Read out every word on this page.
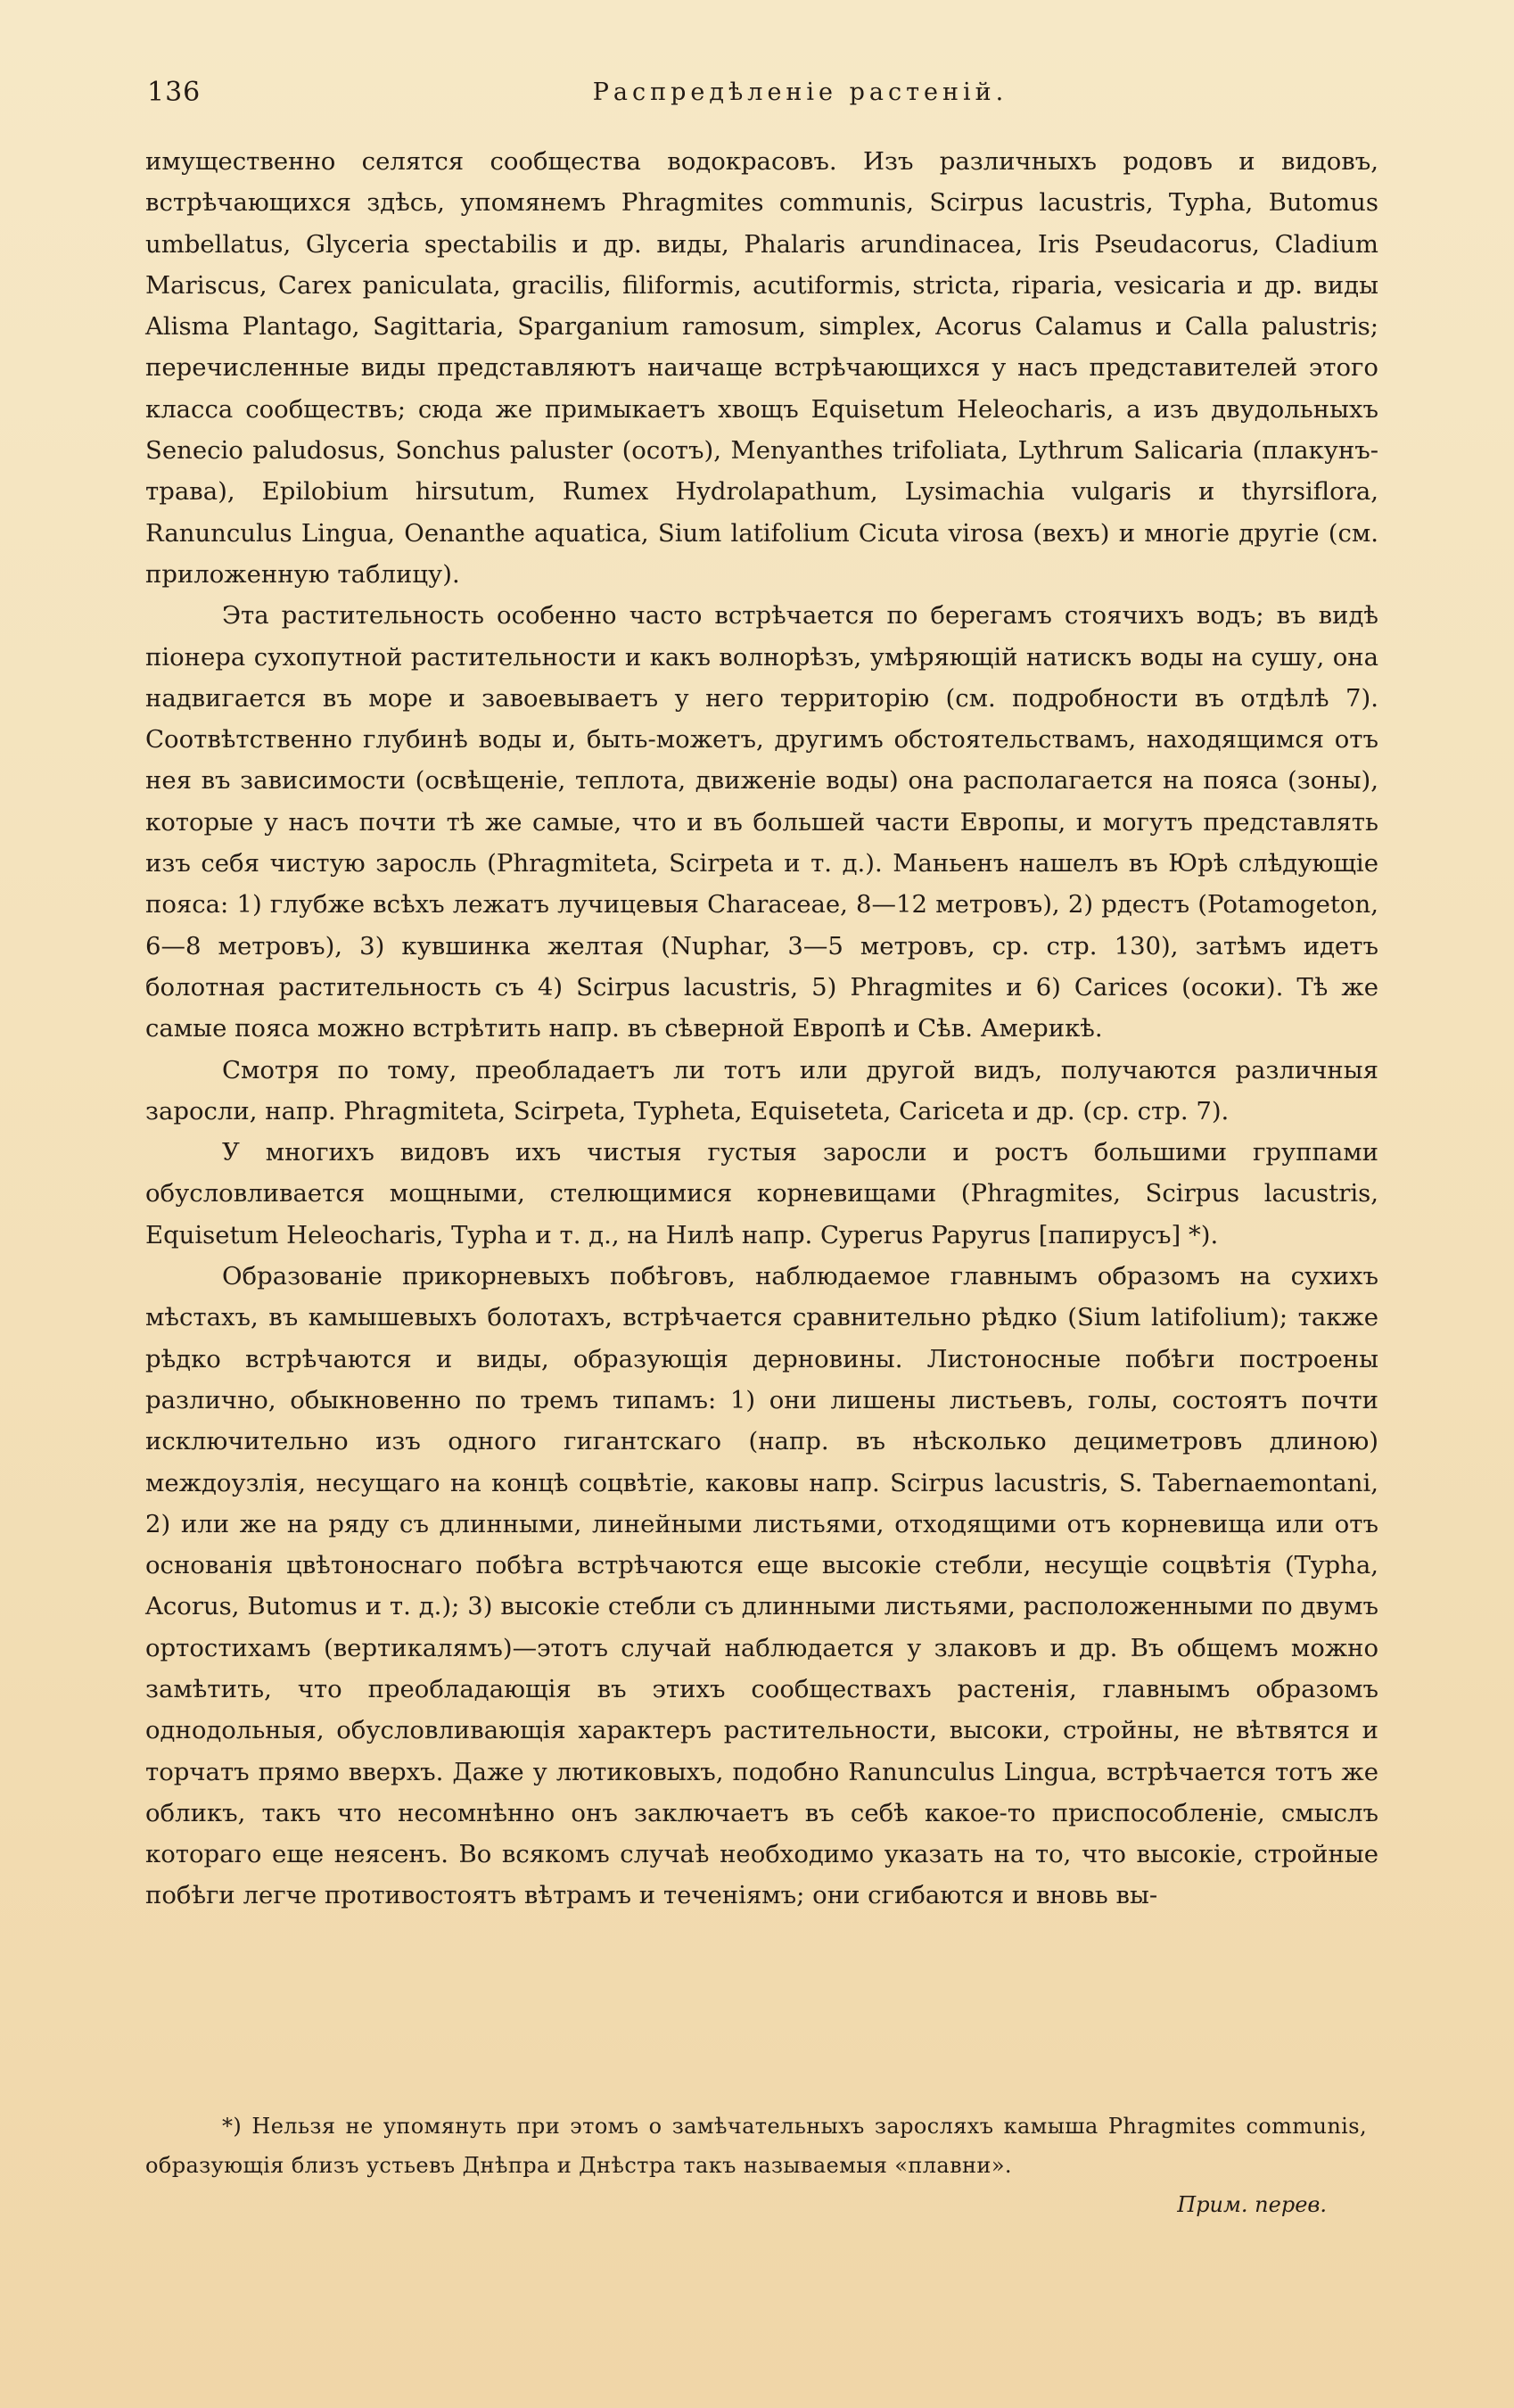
136	Распредѣленіе растеній.

имущественно селятся сообщества водокрасовъ. Изъ различныхъ родовъ и видовъ, встрѣчающихся здѣсь, упомянемъ Phragmites communis, Scirpus lacustris, Typha, Butomus umbellatus, Glyceria spectabilis и др. виды, Phalaris arundinacea, Iris Pseudacorus, Cladium Mariscus, Carex paniculata, gracilis, filiformis, acutiformis, stricta, riparia, vesicaria и др. виды Alisma Plantago, Sagittaria, Sparganium ramosum, simplex, Acorus Calamus и Calla palustris; перечисленные виды представляютъ наичаще встрѣчающихся у насъ представителей этого класса сообществъ; сюда же примыкаетъ хвощъ Equisetum Heleocharis, а изъ двудольныхъ Senecio paludosus, Sonchus paluster (осотъ), Menyanthes trifoliata, Lythrum Salicaria (плакунъ-трава), Epilobium hirsutum, Rumex Hydrolapathum, Lysimachia vulgaris и thyrsiflora, Ranunculus Lingua, Oenanthe aquatica, Sium latifolium Cicuta virosa (вехъ) и многіе другіе (см. приложенную таблицу).

Эта растительность особенно часто встрѣчается по берегамъ стоячихъ водъ; въ видѣ піонера сухопутной растительности и какъ волнорѣзъ, умѣряющій натискъ воды на сушу, она надвигается въ море и завоевываетъ у него территорію (см. подробности въ отдѣлѣ 7). Соотвѣтственно глубинѣ воды и, быть-можетъ, другимъ обстоятельствамъ, находящимся отъ нея въ зависимости (освѣщеніе, теплота, движеніе воды) она располагается на пояса (зоны), которые у насъ почти тѣ же самые, что и въ большей части Европы, и могутъ представлять изъ себя чистую заросль (Phragmiteta, Scirpeta и т. д.). Маньенъ нашелъ въ Юрѣ слѣдующіе пояса: 1) глубже всѣхъ лежатъ лучицевыя Characeae, 8—12 метровъ), 2) рдестъ (Potamogeton, 6—8 метровъ), 3) кувшинка желтая (Nuphar, 3—5 метровъ, ср. стр. 130), затѣмъ идетъ болотная растительность съ 4) Scirpus lacustris, 5) Phragmites и 6) Carices (осоки). Тѣ же самые пояса можно встрѣтить напр. въ сѣверной Европѣ и Сѣв. Америкѣ.

Смотря по тому, преобладаетъ ли тотъ или другой видъ, получаются различныя заросли, напр. Phragmiteta, Scirpeta, Typheta, Equiseteta, Cariceta и др. (ср. стр. 7).

У многихъ видовъ ихъ чистыя густыя заросли и ростъ большими группами обусловливается мощными, стелющимися корневищами (Phragmites, Scirpus lacustris, Equisetum Heleocharis, Typha и т. д., на Нилѣ напр. Cyperus Papyrus [папирусъ] *).

Образованіе прикорневыхъ побѣговъ, наблюдаемое главнымъ образомъ на сухихъ мѣстахъ, въ камышевыхъ болотахъ, встрѣчается сравнительно рѣдко (Sium latifolium); также рѣдко встрѣчаются и виды, образующія дерновины. Листоносные побѣги построены различно, обыкновенно по тремъ типамъ: 1) они лишены листьевъ, голы, состоятъ почти исключительно изъ одного гигантскаго (напр. въ нѣсколько дециметровъ длиною) междоузлія, несущаго на концѣ соцвѣтіе, каковы напр. Scirpus lacustris, S. Tabernaemontani, 2) или же на ряду съ длинными, линейными листьями, отходящими отъ корневища или отъ основанія цвѣтоноснаго побѣга встрѣчаются еще высокіе стебли, несущіе соцвѣтія (Typha, Acorus, Butomus и т. д.); 3) высокіе стебли съ длинными листьями, расположенными по двумъ ортостихамъ (вертикалямъ)—этотъ случай наблюдается у злаковъ и др. Въ общемъ можно замѣтить, что преобладающія въ этихъ сообществахъ растенія, главнымъ образомъ однодольныя, обусловливающія характеръ растительности, высоки, стройны, не вѣтвятся и торчатъ прямо вверхъ. Даже у лютиковыхъ, подобно Ranunculus Lingua, встрѣчается тотъ же обликъ, такъ что несомнѣнно онъ заключаетъ въ себѣ какое-то приспособленіе, смыслъ котораго еще неясенъ. Во всякомъ случаѣ необходимо указать на то, что высокіе, стройные побѣги легче противостоятъ вѣтрамъ и теченіямъ; они сгибаются и вновь вы-

*) Нельзя не упомянуть при этомъ о замѣчательныхъ заросляхъ камыша Phragmites communis, образующія близъ устьевъ Днѣпра и Днѣстра такъ называемыя «плавни».

Прим. перев.
